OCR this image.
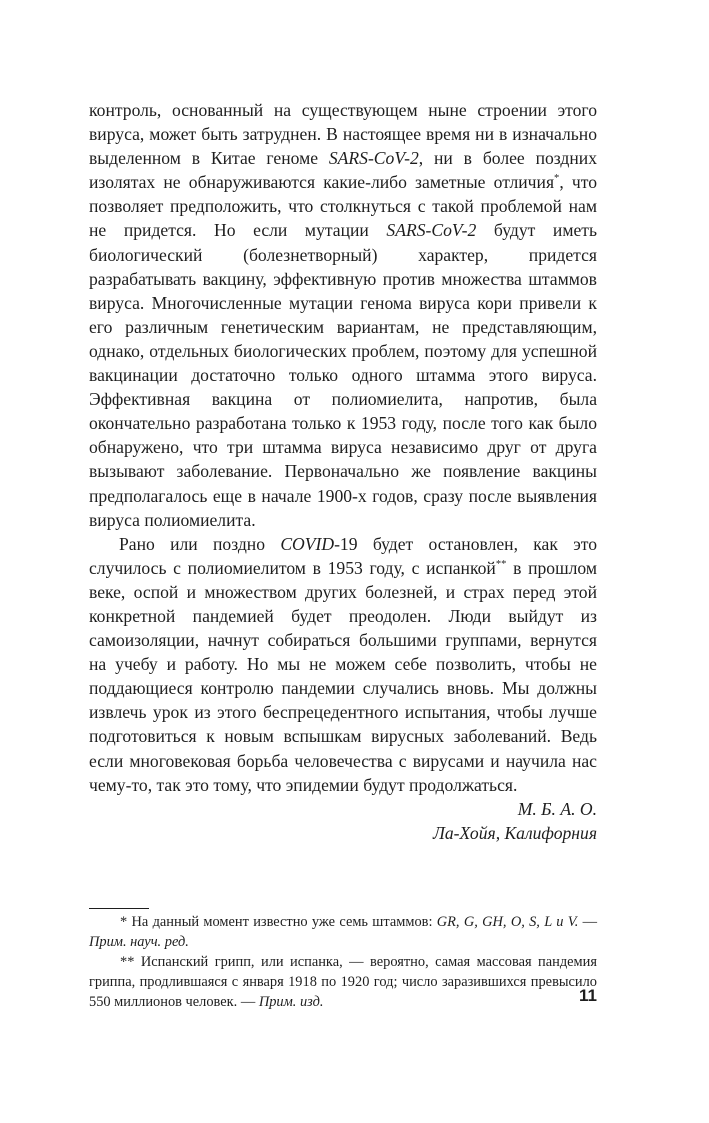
контроль, основанный на существующем ныне строении этого вируса, может быть затруднен. В настоящее время ни в изначально выделенном в Китае геноме SARS-CoV-2, ни в более поздних изолятах не обнаруживаются какие-либо заметные отличия*, что позволяет предположить, что столкнуться с такой проблемой нам не придется. Но если мутации SARS-CoV-2 будут иметь биологический (болезнетворный) характер, придется разрабатывать вакцину, эффективную против множества штаммов вируса. Многочисленные мутации генома вируса кори привели к его различным генетическим вариантам, не представляющим, однако, отдельных биологических проблем, поэтому для успешной вакцинации достаточно только одного штамма этого вируса. Эффективная вакцина от полиомиелита, напротив, была окончательно разработана только к 1953 году, после того как было обнаружено, что три штамма вируса независимо друг от друга вызывают заболевание. Первоначально же появление вакцины предполагалось еще в начале 1900-х годов, сразу после выявления вируса полиомиелита.

Рано или поздно COVID-19 будет остановлен, как это случилось с полиомиелитом в 1953 году, с испанкой** в прошлом веке, оспой и множеством других болезней, и страх перед этой конкретной пандемией будет преодолен. Люди выйдут из самоизоляции, начнут собираться большими группами, вернутся на учебу и работу. Но мы не можем себе позволить, чтобы не поддающиеся контролю пандемии случались вновь. Мы должны извлечь урок из этого беспрецедентного испытания, чтобы лучше подготовиться к новым вспышкам вирусных заболеваний. Ведь если многовековая борьба человечества с вирусами и научила нас чему-то, так это тому, что эпидемии будут продолжаться.

М. Б. А. О.

Ла-Хойя, Калифорния

* На данный момент известно уже семь штаммов: GR, G, GH, O, S, L и V. — Прим. науч. ред.

** Испанский грипп, или испанка, — вероятно, самая массовая пандемия гриппа, продлившаяся с января 1918 по 1920 год; число заразившихся превысило 550 миллионов человек. — Прим. изд.	11
